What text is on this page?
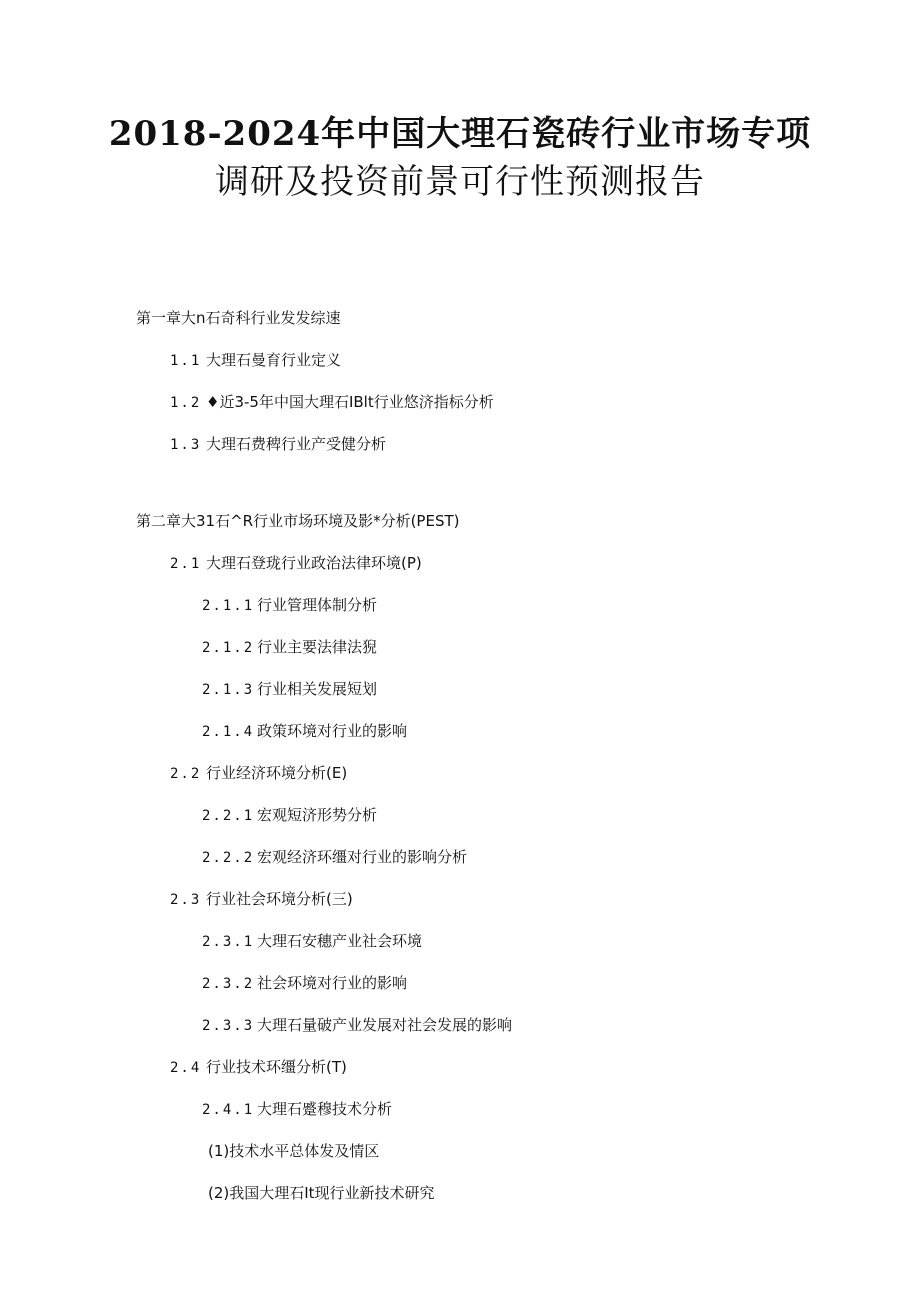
2018-2024年中国大理石瓷砖行业市场专项
调研及投资前景可行性预测报告
第一章大n石奇科行业发发综速
1.1 大理石曼育行业定义
1.2 ♦近3-5年中国大理石IBlt行业悠济指标分析
1.3 大理石费稗行业产受健分析
第二章大31石^R行业市场环境及影*分析(PEST)
2.1 大理石登珑行业政治法律环境(P)
2.1.1 行业管理体制分析
2.1.2 行业主要法律法猊
2.1.3 行业相关发展短划
2.1.4 政策环境对行业的影响
2.2 行业经济环境分析(E)
2.2.1 宏观短济形势分析
2.2.2 宏观经济环缰对行业的影响分析
2.3 行业社会环境分析(三)
2.3.1 大理石安穗产业社会环境
2.3.2 社会环境对行业的影响
2.3.3 大理石量破产业发展对社会发展的影响
2.4 行业技术环缰分析(T)
2.4.1 大理石蹙穆技术分析
(1)技术水平总体发及情区
(2)我国大理石It现行业新技术研究
